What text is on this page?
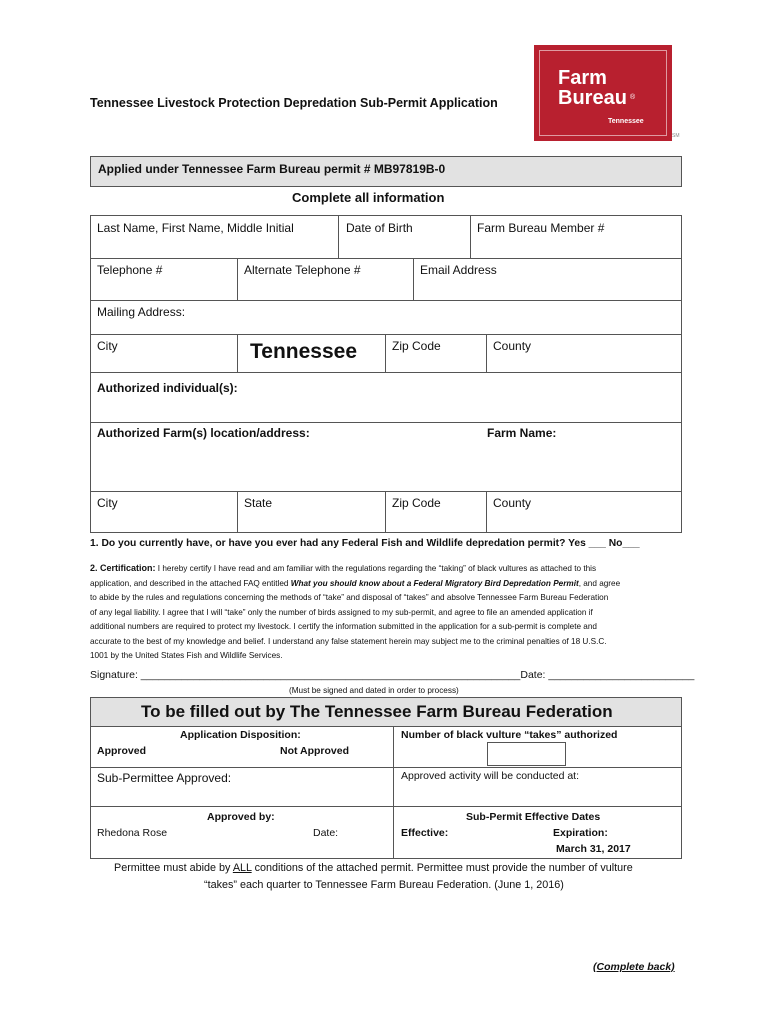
Tennessee Livestock Protection Depredation Sub-Permit Application
Farm
Bureau ®
Tennessee
SM
Applied under Tennessee Farm Bureau permit # MB97819B-0
Complete all information
Last Name, First Name, Middle Initial	Date of Birth	Farm Bureau Member #
Telephone #	Alternate Telephone #	Email Address
Mailing Address:
City	Tennessee	Zip Code	County
Authorized individual(s):
Authorized Farm(s) location/address:	Farm Name:
City	State	Zip Code	County
1. Do you currently have, or have you ever had any Federal Fish and Wildlife depredation permit? Yes ___ No___
2. Certification: I hereby certify I have read and am familiar with the regulations regarding the “taking” of black vultures as attached to this
application, and described in the attached FAQ entitled What you should know about a Federal Migratory Bird Depredation Permit, and agree
to abide by the rules and regulations concerning the methods of “take” and disposal of “takes” and absolve Tennessee Farm Bureau Federation
of any legal liability. I agree that I will “take” only the number of birds assigned to my sub-permit, and agree to file an amended application if
additional numbers are required to protect my livestock. I certify the information submitted in the application for a sub-permit is complete and
accurate to the best of my knowledge and belief. I understand any false statement herein may subject me to the criminal penalties of 18 U.S.C.
1001 by the United States Fish and Wildlife Services.
Signature: _________________________________________________________________Date: _________________________
(Must be signed and dated in order to process)
To be filled out by The Tennessee Farm Bureau Federation
Application Disposition:
Approved	Not Approved
Number of black vulture “takes” authorized
Sub-Permittee Approved:	Approved activity will be conducted at:
Approved by:
Rhedona Rose	Date:
Sub-Permit Effective Dates
Effective:	Expiration:
March 31, 2017
Permittee must abide by ALL conditions of the attached permit. Permittee must provide the number of vulture
“takes” each quarter to Tennessee Farm Bureau Federation. (June 1, 2016)
(Complete back)
